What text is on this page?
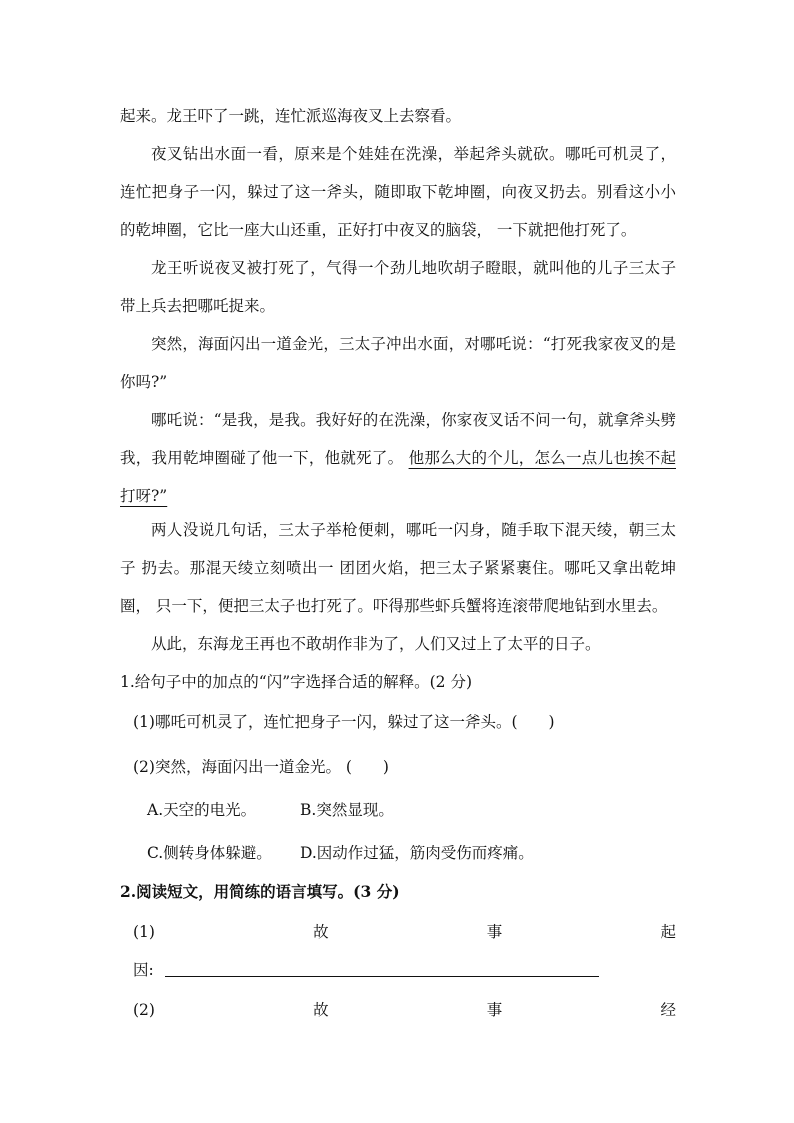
起来。龙王吓了一跳，连忙派巡海夜叉上去察看。

夜叉钻出水面一看，原来是个娃娃在洗澡，举起斧头就砍。哪吒可机灵了，连忙把身子一闪，躲过了这一斧头，随即取下乾坤圈，向夜叉扔去。别看这小小的乾坤圈，它比一座大山还重，正好打中夜叉的脑袋， 一下就把他打死了。

龙王听说夜叉被打死了，气得一个劲儿地吹胡子瞪眼，就叫他的儿子三太子带上兵去把哪吒捉来。

突然，海面闪出一道金光，三太子冲出水面，对哪吒说：“打死我家夜叉的是 你吗?”

哪吒说：“是我，是我。我好好的在洗澡，你家夜叉话不问一句，就拿斧头劈 我，我用乾坤圈碰了他一下，他就死了。 他那么大的个儿，怎么一点儿也挨不起打呀?”

两人没说几句话，三太子举枪便刺，哪吒一闪身，随手取下混天绫，朝三太子 扔去。那混天绫立刻喷出一 团团火焰，把三太子紧紧裹住。哪吒又拿出乾坤圈， 只一下，便把三太子也打死了。吓得那些虾兵蟹将连滚带爬地钻到水里去。

从此，东海龙王再也不敢胡作非为了，人们又过上了太平的日子。

1.给句子中的加点的“闪”字选择合适的解释。(2 分)
(1)哪吒可机灵了，连忙把身子一闪，躲过了这一斧头。(　　)
(2)突然，海面闪出一道金光。 (　　)
A.天空的电光。	B.突然显现。
C.侧转身体躲避。 D.因动作过猛，筋肉受伤而疼痛。
2.阅读短文，用简练的语言填写。(3 分)
(1)	故	事	起
因:
(2)	故	事	经
